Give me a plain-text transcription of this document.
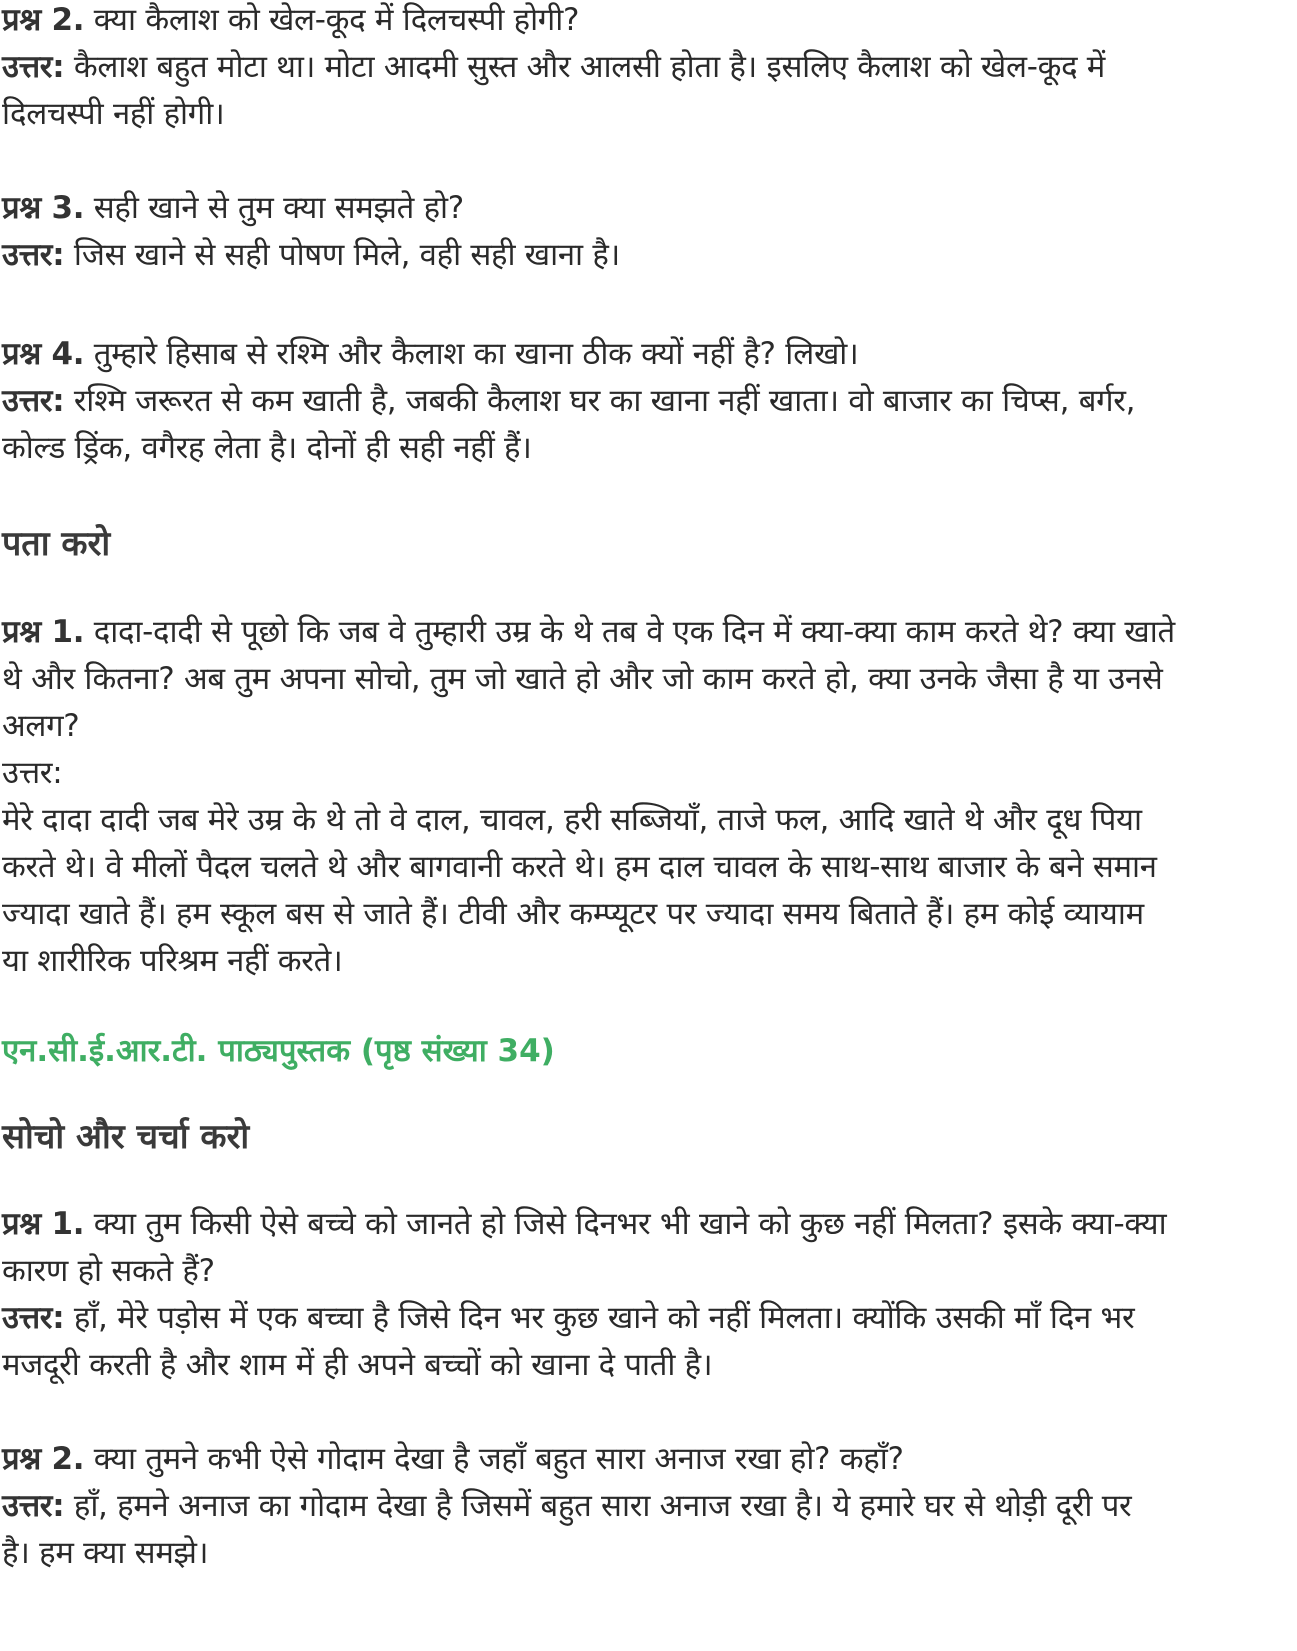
प्रश्न 2. क्या कैलाश को खेल-कूद में दिलचस्पी होगी?
उत्तर: कैलाश बहुत मोटा था। मोटा आदमी सुस्त और आलसी होता है। इसलिए कैलाश को खेल-कूद में
दिलचस्पी नहीं होगी।
प्रश्न 3. सही खाने से तुम क्या समझते हो?
उत्तर: जिस खाने से सही पोषण मिले, वही सही खाना है।
प्रश्न 4. तुम्हारे हिसाब से रश्मि और कैलाश का खाना ठीक क्यों नहीं है? लिखो।
उत्तर: रश्मि जरूरत से कम खाती है, जबकी कैलाश घर का खाना नहीं खाता। वो बाजार का चिप्स, बर्गर,
कोल्ड ड्रिंक, वगैरह लेता है। दोनों ही सही नहीं हैं।
पता करो
प्रश्न 1. दादा-दादी से पूछो कि जब वे तुम्हारी उम्र के थे तब वे एक दिन में क्या-क्या काम करते थे? क्या खाते
थे और कितना? अब तुम अपना सोचो, तुम जो खाते हो और जो काम करते हो, क्या उनके जैसा है या उनसे
अलग?
उत्तर:
मेरे दादा दादी जब मेरे उम्र के थे तो वे दाल, चावल, हरी सब्जियाँ, ताजे फल, आदि खाते थे और दूध पिया
करते थे। वे मीलों पैदल चलते थे और बागवानी करते थे। हम दाल चावल के साथ-साथ बाजार के बने समान
ज्यादा खाते हैं। हम स्कूल बस से जाते हैं। टीवी और कम्प्यूटर पर ज्यादा समय बिताते हैं। हम कोई व्यायाम
या शारीरिक परिश्रम नहीं करते।
एन.सी.ई.आर.टी. पाठ्यपुस्तक (पृष्ठ संख्या 34)
सोचो और चर्चा करो
प्रश्न 1. क्या तुम किसी ऐसे बच्चे को जानते हो जिसे दिनभर भी खाने को कुछ नहीं मिलता? इसके क्या-क्या
कारण हो सकते हैं?
उत्तर: हाँ, मेरे पड़ोस में एक बच्चा है जिसे दिन भर कुछ खाने को नहीं मिलता। क्योंकि उसकी माँ दिन भर
मजदूरी करती है और शाम में ही अपने बच्चों को खाना दे पाती है।
प्रश्न 2. क्या तुमने कभी ऐसे गोदाम देखा है जहाँ बहुत सारा अनाज रखा हो? कहाँ?
उत्तर: हाँ, हमने अनाज का गोदाम देखा है जिसमें बहुत सारा अनाज रखा है। ये हमारे घर से थोड़ी दूरी पर
है। हम क्या समझे।
